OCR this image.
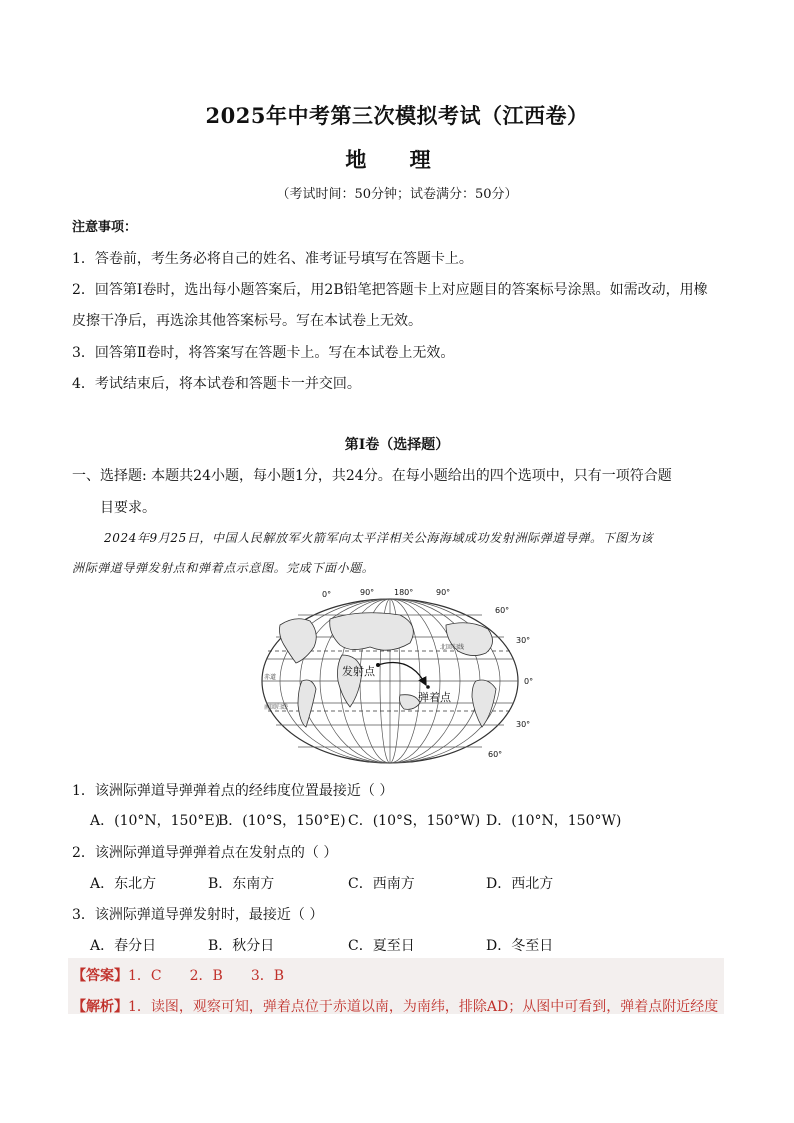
2025年中考第三次模拟考试（江西卷）
地 理
（考试时间：50分钟；试卷满分：50分）
注意事项：
1．答卷前，考生务必将自己的姓名、准考证号填写在答题卡上。
2．回答第Ⅰ卷时，选出每小题答案后，用2B铅笔把答题卡上对应题目的答案标号涂黑。如需改动，用橡
皮擦干净后，再选涂其他答案标号。写在本试卷上无效。
3．回答第Ⅱ卷时，将答案写在答题卡上。写在本试卷上无效。
4．考试结束后，将本试卷和答题卡一并交回。
第Ⅰ卷（选择题）
一、选择题: 本题共24小题，每小题1分，共24分。在每小题给出的四个选项中，只有一项符合题
目要求。
2024年9月25日，中国人民解放军火箭军向太平洋相关公海海域成功发射洲际弹道导弹。下图为该
洲际弹道导弹发射点和弹着点示意图。完成下面小题。
北回归线
赤道
南回归线
0°	90° 180°	90°
60°
30°
0°
30°
60°
发射点
弹着点
1．该洲际弹道导弹弹着点的经纬度位置最接近（ ）
A．(10°N，150°E)
B．(10°S，150°E) C．(10°S，150°W) D．(10°N，150°W)
2．该洲际弹道导弹弹着点在发射点的（ ）
A．东北方	B．东南方	C．西南方	D．西北方
3．该洲际弹道导弹发射时，最接近（ ）
A．春分日	B．秋分日	C．夏至日	D．冬至日
【答案】1．C　　2．B　　3．B
【解析】1．读图，观察可知，弹着点位于赤道以南，为南纬，排除AD；从图中可看到，弹着点附近经度
